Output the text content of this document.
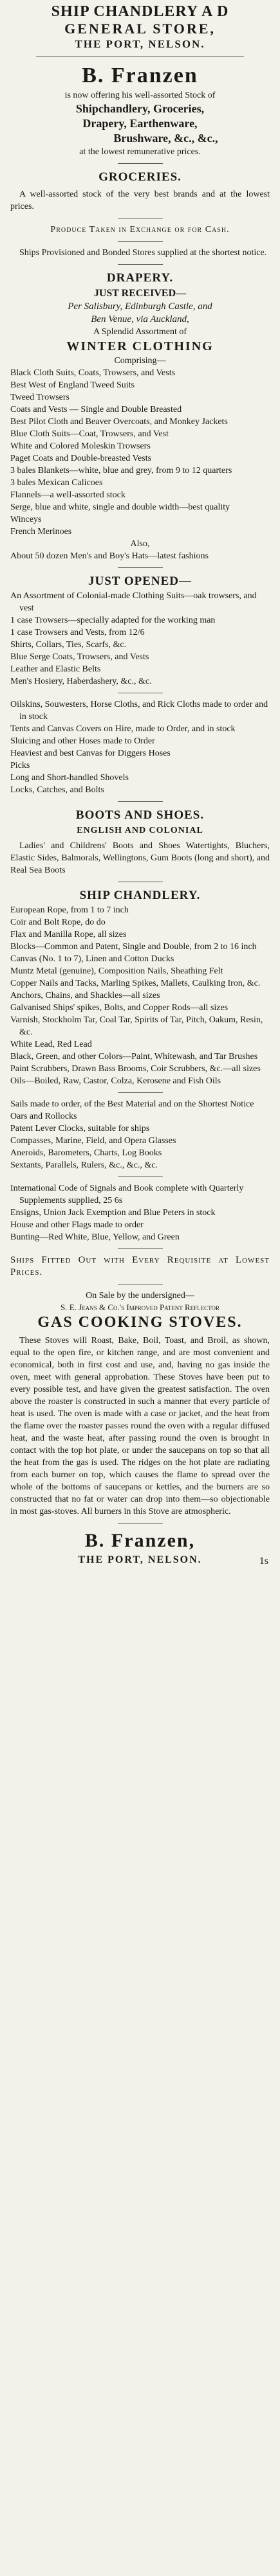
SHIP CHANDLERY A D
GENERAL STORE,
THE PORT, NELSON.
B. Franzen
is now offering his well-assorted Stock of
Shipchandlery, Groceries,
Drapery, Earthenware,
Brushware, &c., &c.,
at the lowest remunerative prices.
GROCERIES.
A well-assorted stock of the very best brands and at the lowest prices.
Produce Taken in Exchange or for Cash.
Ships Provisioned and Bonded Stores supplied at the shortest notice.
DRAPERY.
JUST RECEIVED—
Per Salisbury, Edinburgh Castle, and
Ben Venue, via Auckland,
A Splendid Assortment of
WINTER CLOTHING
Comprising—
Black Cloth Suits, Coats, Trowsers, and Vests
Best West of England Tweed Suits
Tweed Trowsers
Coats and Vests — Single and Double Breasted
Best Pilot Cloth and Beaver Overcoats, and Monkey Jackets
Blue Cloth Suits—Coat, Trowsers, and Vest
White and Colored Moleskin Trowsers
Paget Coats and Double-breasted Vests
3 bales Blankets—white, blue and grey, from 9 to 12 quarters
3 bales Mexican Calicoes
Flannels—a well-assorted stock
Serge, blue and white, single and double width—best quality
Winceys
French Merinoes
Also,
About 50 dozen Men's and Boy's Hats—latest fashions
JUST OPENED—
An Assortment of Colonial-made Clothing Suits—oak trowsers, and vest
1 case Trowsers—specially adapted for the working man
1 case Trowsers and Vests, from 12/6
Shirts, Collars, Ties, Scarfs, &c.
Blue Serge Coats, Trowsers, and Vests
Leather and Elastic Belts
Men's Hosiery, Haberdashery, &c., &c.
Oilskins, Souwesters, Horse Cloths, and Rick Cloths made to order and in stock
Tents and Canvas Covers on Hire, made to Order, and in stock
Sluicing and other Hoses made to Order
Heaviest and best Canvas for Diggers Hoses
Picks
Long and Short-handled Shovels
Locks, Catches, and Bolts
BOOTS AND SHOES.
ENGLISH AND COLONIAL
Ladies' and Childrens' Boots and Shoes Watertights, Bluchers, Elastic Sides, Balmorals, Wellingtons, Gum Boots (long and short), and Real Sea Boots
SHIP CHANDLERY.
European Rope, from 1 to 7 inch
Coir and Bolt Rope, do do
Flax and Manilla Rope, all sizes
Blocks—Common and Patent, Single and Double, from 2 to 16 inch
Canvas (No. 1 to 7), Linen and Cotton Ducks
Muntz Metal (genuine), Composition Nails, Sheathing Felt
Copper Nails and Tacks, Marling Spikes, Mallets, Caulking Iron, &c.
Anchors, Chains, and Shackles—all sizes
Galvanised Ships' spikes, Bolts, and Copper Rods—all sizes
Varnish, Stockholm Tar, Coal Tar, Spirits of Tar, Pitch, Oakum, Resin, &c.
White Lead, Red Lead
Black, Green, and other Colors—Paint, Whitewash, and Tar Brushes
Paint Scrubbers, Drawn Bass Brooms, Coir Scrubbers, &c.—all sizes
Oils—Boiled, Raw, Castor, Colza, Kerosene and Fish Oils
Sails made to order, of the Best Material and on the Shortest Notice
Oars and Rollocks
Patent Lever Clocks, suitable for ships
Compasses, Marine, Field, and Opera Glasses
Aneroids, Barometers, Charts, Log Books
Sextants, Parallels, Rulers, &c., &c., &c.
International Code of Signals and Book complete with Quarterly Supplements supplied, 25 6s
Ensigns, Union Jack Exemption and Blue Peters in stock
House and other Flags made to order
Bunting—Red White, Blue, Yellow, and Green
Ships Fitted Out with Every Requisite at Lowest Prices.
On Sale by the undersigned—
S. E. Jeans & Co.'s Improved Patent Reflector
GAS COOKING STOVES.
These Stoves will Roast, Bake, Boil, Toast, and Broil, as shown, equal to the open fire, or kitchen range, and are most convenient and economical, both in first cost and use, and, having no gas inside the oven, meet with general approbation. These Stoves have been put to every possible test, and have given the greatest satisfaction. The oven above the roaster is constructed in such a manner that every particle of heat is used. The oven is made with a case or jacket, and the heat from the flame over the roaster passes round the oven with a regular diffused heat, and the waste heat, after passing round the oven is brought in contact with the top hot plate, or under the saucepans on top so that all the heat from the gas is used. The ridges on the hot plate are radiating from each burner on top, which causes the flame to spread over the whole of the bottoms of saucepans or kettles, and the burners are so constructed that no fat or water can drop into them—so objectionable in most gas-stoves. All burners in this Stove are atmospheric.
B. Franzen,
THE PORT, NELSON.	1s
